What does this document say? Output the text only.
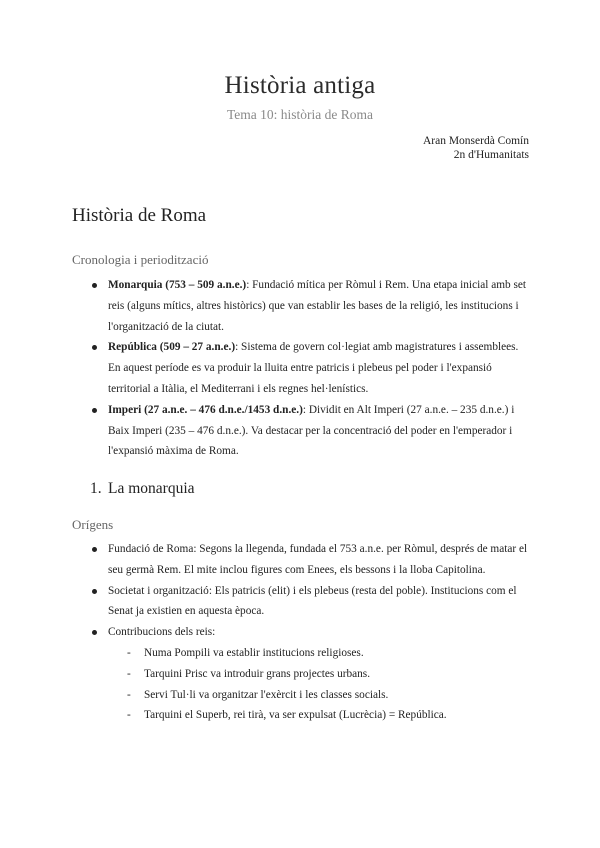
Història antiga
Tema 10: història de Roma
Aran Monserdà Comín
2n d'Humanitats
Història de Roma
Cronologia i periodització
Monarquia (753 – 509 a.n.e.): Fundació mítica per Ròmul i Rem. Una etapa inicial amb set reis (alguns mítics, altres històrics) que van establir les bases de la religió, les institucions i l'organització de la ciutat.
República (509 – 27 a.n.e.): Sistema de govern col·legiat amb magistratures i assemblees. En aquest període es va produir la lluita entre patricis i plebeus pel poder i l'expansió territorial a Itàlia, el Mediterrani i els regnes hel·lenístics.
Imperi (27 a.n.e. – 476 d.n.e./1453 d.n.e.): Dividit en Alt Imperi (27 a.n.e. – 235 d.n.e.) i Baix Imperi (235 – 476 d.n.e.). Va destacar per la concentració del poder en l'emperador i l'expansió màxima de Roma.
1. La monarquia
Orígens
Fundació de Roma: Segons la llegenda, fundada el 753 a.n.e. per Ròmul, després de matar el seu germà Rem. El mite inclou figures com Enees, els bessons i la lloba Capitolina.
Societat i organització: Els patricis (elit) i els plebeus (resta del poble). Institucions com el Senat ja existien en aquesta època.
Contribucions dels reis:
- Numa Pompili va establir institucions religioses.
- Tarquini Prisc va introduir grans projectes urbans.
- Servi Tul·li va organitzar l'exèrcit i les classes socials.
- Tarquini el Superb, rei tirà, va ser expulsat (Lucrècia) = República.
